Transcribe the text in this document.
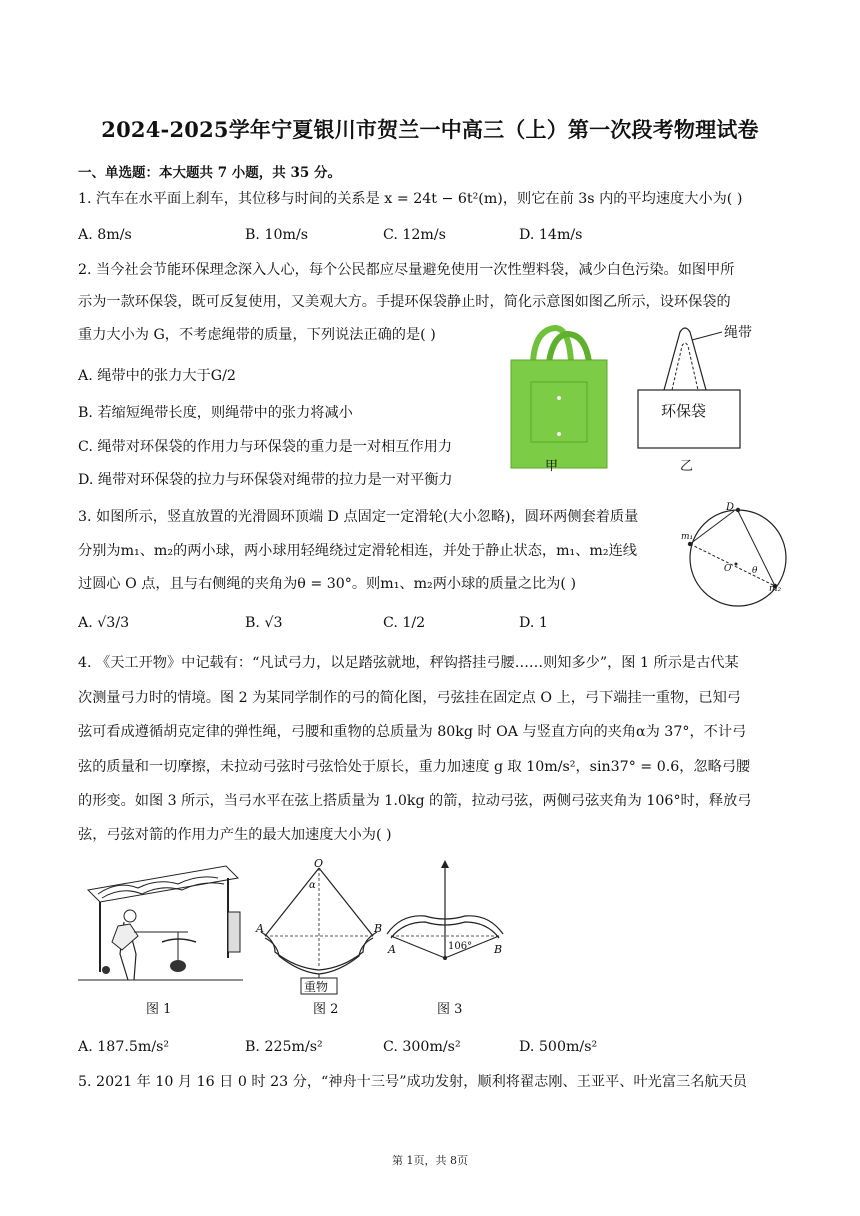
2024-2025学年宁夏银川市贺兰一中高三（上）第一次段考物理试卷
一、单选题：本大题共 7 小题，共 35 分。
1. 汽车在水平面上刹车，其位移与时间的关系是 x = 24t − 6t²(m)，则它在前 3s 内的平均速度大小为( )
A. 8m/s	B. 10m/s	C. 12m/s	D. 14m/s
2. 当今社会节能环保理念深入人心，每个公民都应尽量避免使用一次性塑料袋，减少白色污染。如图甲所
示为一款环保袋，既可反复使用，又美观大方。手提环保袋静止时，简化示意图如图乙所示，设环保袋的
重力大小为 G，不考虑绳带的质量，下列说法正确的是( )
A. 绳带中的张力大于G/2
B. 若缩短绳带长度，则绳带中的张力将减小
C. 绳带对环保袋的作用力与环保袋的重力是一对相互作用力
D. 绳带对环保袋的拉力与环保袋对绳带的拉力是一对平衡力
甲
绳带
环保袋
乙
3. 如图所示，竖直放置的光滑圆环顶端 D 点固定一定滑轮(大小忽略)，圆环两侧套着质量
分别为m₁、m₂的两小球，两小球用轻绳绕过定滑轮相连，并处于静止状态，m₁、m₂连线
过圆心 O 点，且与右侧绳的夹角为θ = 30°。则m₁、m₂两小球的质量之比为( )
A. √3/3	B. √3	C. 1/2	D. 1
D
m₁
O θ
m₂
4. 《天工开物》中记载有：“凡试弓力，以足踏弦就地，秤钩搭挂弓腰……则知多少”，图 1 所示是古代某
次测量弓力时的情境。图 2 为某同学制作的弓的简化图，弓弦挂在固定点 O 上，弓下端挂一重物，已知弓
弦可看成遵循胡克定律的弹性绳，弓腰和重物的总质量为 80kg 时 OA 与竖直方向的夹角α为 37°，不计弓
弦的质量和一切摩擦，未拉动弓弦时弓弦恰处于原长，重力加速度 g 取 10m/s²，sin37° = 0.6，忽略弓腰
的形变。如图 3 所示，当弓水平在弦上搭质量为 1.0kg 的箭，拉动弓弦，两侧弓弦夹角为 106°时，释放弓
弦，弓弦对箭的作用力产生的最大加速度大小为( )
图 1
O
α
A	B
重物
图 2
A	B
106°
图 3
A. 187.5m/s²	B. 225m/s²	C. 300m/s²	D. 500m/s²
5. 2021 年 10 月 16 日 0 时 23 分，“神舟十三号”成功发射，顺利将翟志刚、王亚平、叶光富三名航天员
第 1页，共 8页
